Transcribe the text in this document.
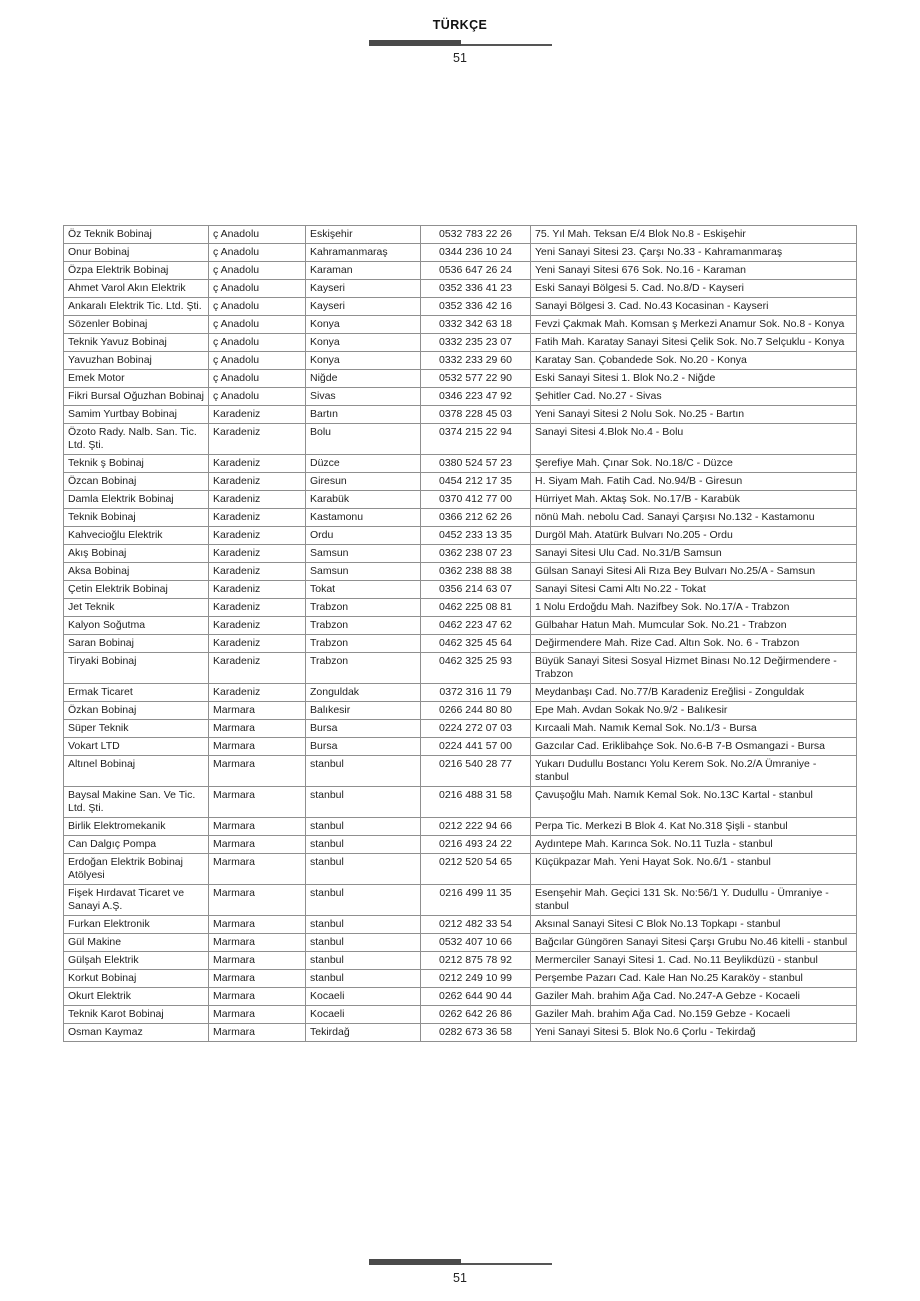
TÜRKÇE
51
Öz Teknik Bobinaj	ç Anadolu	Eskişehir	0532 783 22 26	75. Yıl Mah. Teksan E/4 Blok No.8 - Eskişehir
Onur Bobinaj	ç Anadolu	Kahramanmaraş	0344 236 10 24	Yeni Sanayi Sitesi 23. Çarşı No.33 - Kahramanmaraş
Özpa Elektrik Bobinaj	ç Anadolu	Karaman	0536 647 26 24	Yeni Sanayi Sitesi 676 Sok. No.16 - Karaman
Ahmet Varol Akın Elektrik	ç Anadolu	Kayseri	0352 336 41 23	Eski Sanayi Bölgesi 5. Cad. No.8/D - Kayseri
Ankaralı Elektrik Tic. Ltd. Şti.	ç Anadolu	Kayseri	0352 336 42 16	Sanayi Bölgesi 3. Cad. No.43 Kocasinan - Kayseri
Sözenler Bobinaj	ç Anadolu	Konya	0332 342 63 18	Fevzi Çakmak Mah. Komsan ş Merkezi Anamur Sok. No.8 - Konya
Teknik Yavuz Bobinaj	ç Anadolu	Konya	0332 235 23 07	Fatih Mah. Karatay Sanayi Sitesi Çelik Sok. No.7 Selçuklu - Konya
Yavuzhan Bobinaj	ç Anadolu	Konya	0332 233 29 60	Karatay San. Çobandede Sok. No.20 - Konya
Emek Motor	ç Anadolu	Niğde	0532 577 22 90	Eski Sanayi Sitesi 1. Blok No.2 - Niğde
Fikri Bursal Oğuzhan Bobinaj	ç Anadolu	Sivas	0346 223 47 92	Şehitler Cad. No.27 - Sivas
Samim Yurtbay Bobinaj	Karadeniz	Bartın	0378 228 45 03	Yeni Sanayi Sitesi 2 Nolu Sok. No.25 - Bartın
Özoto Rady. Nalb. San. Tic. Ltd. Şti.	Karadeniz	Bolu	0374 215 22 94	Sanayi Sitesi 4.Blok No.4 - Bolu
Teknik ş Bobinaj	Karadeniz	Düzce	0380 524 57 23	Şerefiye Mah. Çınar Sok. No.18/C - Düzce
Özcan Bobinaj	Karadeniz	Giresun	0454 212 17 35	H. Siyam Mah. Fatih Cad. No.94/B - Giresun
Damla Elektrik Bobinaj	Karadeniz	Karabük	0370 412 77 00	Hürriyet Mah. Aktaş Sok. No.17/B - Karabük
Teknik Bobinaj	Karadeniz	Kastamonu	0366 212 62 26	nönü Mah. nebolu Cad. Sanayi Çarşısı No.132 - Kastamonu
Kahvecioğlu Elektrik	Karadeniz	Ordu	0452 233 13 35	Durgöl Mah. Atatürk Bulvarı No.205 - Ordu
Akış Bobinaj	Karadeniz	Samsun	0362 238 07 23	Sanayi Sitesi Ulu Cad. No.31/B Samsun
Aksa Bobinaj	Karadeniz	Samsun	0362 238 88 38	Gülsan Sanayi Sitesi Ali Rıza Bey Bulvarı No.25/A - Samsun
Çetin Elektrik Bobinaj	Karadeniz	Tokat	0356 214 63 07	Sanayi Sitesi Cami Altı No.22 - Tokat
Jet Teknik	Karadeniz	Trabzon	0462 225 08 81	1 Nolu Erdoğdu Mah. Nazifbey Sok. No.17/A - Trabzon
Kalyon Soğutma	Karadeniz	Trabzon	0462 223 47 62	Gülbahar Hatun Mah. Mumcular Sok. No.21 - Trabzon
Saran Bobinaj	Karadeniz	Trabzon	0462 325 45 64	Değirmendere Mah. Rize Cad. Altın Sok. No. 6 - Trabzon
Tiryaki Bobinaj	Karadeniz	Trabzon	0462 325 25 93	Büyük Sanayi Sitesi Sosyal Hizmet Binası No.12 Değirmendere - Trabzon
Ermak Ticaret	Karadeniz	Zonguldak	0372 316 11 79	Meydanbaşı Cad. No.77/B Karadeniz Ereğlisi - Zonguldak
Özkan Bobinaj	Marmara	Balıkesir	0266 244 80 80	Epe Mah. Avdan Sokak No.9/2 - Balıkesir
Süper Teknik	Marmara	Bursa	0224 272 07 03	Kırcaali Mah. Namık Kemal Sok. No.1/3 - Bursa
Vokart LTD	Marmara	Bursa	0224 441 57 00	Gazcılar Cad. Eriklibahçe Sok. No.6-B 7-B Osmangazi - Bursa
Altınel Bobinaj	Marmara	stanbul	0216 540 28 77	Yukarı Dudullu Bostancı Yolu Kerem Sok. No.2/A Ümraniye - stanbul
Baysal Makine San. Ve Tic. Ltd. Şti.	Marmara	stanbul	0216 488 31 58	Çavuşoğlu Mah. Namık Kemal Sok. No.13C Kartal - stanbul
Birlik Elektromekanik	Marmara	stanbul	0212 222 94 66	Perpa Tic. Merkezi B Blok 4. Kat No.318 Şişli - stanbul
Can Dalgıç Pompa	Marmara	stanbul	0216 493 24 22	Aydıntepe Mah. Karınca Sok. No.11 Tuzla - stanbul
Erdoğan Elektrik Bobinaj Atölyesi	Marmara	stanbul	0212 520 54 65	Küçükpazar Mah. Yeni Hayat Sok. No.6/1 - stanbul
Fişek Hırdavat Ticaret ve Sanayi A.Ş.	Marmara	stanbul	0216 499 11 35	Esenşehir Mah. Geçici 131 Sk. No:56/1 Y. Dudullu - Ümraniye - stanbul
Furkan Elektronik	Marmara	stanbul	0212 482 33 54	Aksınal Sanayi Sitesi C Blok No.13 Topkapı - stanbul
Gül Makine	Marmara	stanbul	0532 407 10 66	Bağcılar Güngören Sanayi Sitesi Çarşı Grubu No.46 kitelli - stanbul
Gülşah Elektrik	Marmara	stanbul	0212 875 78 92	Mermerciler Sanayi Sitesi 1. Cad. No.11 Beylikdüzü - stanbul
Korkut Bobinaj	Marmara	stanbul	0212 249 10 99	Perşembe Pazarı Cad. Kale Han No.25 Karaköy - stanbul
Okurt Elektrik	Marmara	Kocaeli	0262 644 90 44	Gaziler Mah. brahim Ağa Cad. No.247-A Gebze - Kocaeli
Teknik Karot Bobinaj	Marmara	Kocaeli	0262 642 26 86	Gaziler Mah. brahim Ağa Cad. No.159 Gebze - Kocaeli
Osman Kaymaz	Marmara	Tekirdağ	0282 673 36 58	Yeni Sanayi Sitesi 5. Blok No.6 Çorlu - Tekirdağ
51
